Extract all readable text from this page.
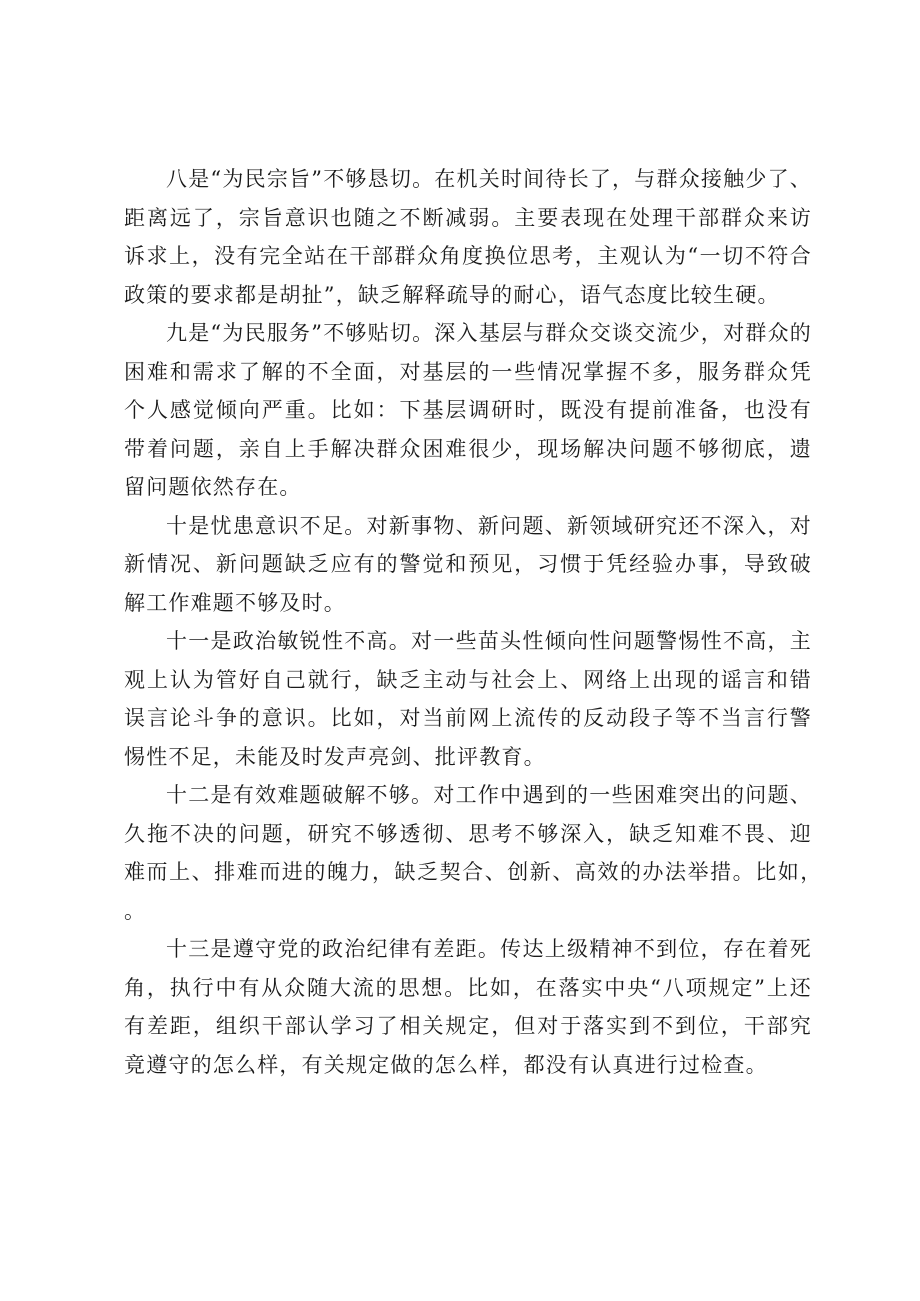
八是“为民宗旨”不够恳切。在机关时间待长了，与群众接触少了、距离远了，宗旨意识也随之不断减弱。主要表现在处理干部群众来访诉求上，没有完全站在干部群众角度换位思考，主观认为“一切不符合政策的要求都是胡扯”，缺乏解释疏导的耐心，语气态度比较生硬。

九是“为民服务”不够贴切。深入基层与群众交谈交流少，对群众的困难和需求了解的不全面，对基层的一些情况掌握不多，服务群众凭个人感觉倾向严重。比如：下基层调研时，既没有提前准备，也没有带着问题，亲自上手解决群众困难很少，现场解决问题不够彻底，遗留问题依然存在。

十是忧患意识不足。对新事物、新问题、新领域研究还不深入，对新情况、新问题缺乏应有的警觉和预见，习惯于凭经验办事，导致破解工作难题不够及时。

十一是政治敏锐性不高。对一些苗头性倾向性问题警惕性不高，主观上认为管好自己就行，缺乏主动与社会上、网络上出现的谣言和错误言论斗争的意识。比如，对当前网上流传的反动段子等不当言行警惕性不足，未能及时发声亮剑、批评教育。

十二是有效难题破解不够。对工作中遇到的一些困难突出的问题、久拖不决的问题，研究不够透彻、思考不够深入，缺乏知难不畏、迎难而上、排难而进的魄力，缺乏契合、创新、高效的办法举措。比如，　　。

十三是遵守党的政治纪律有差距。传达上级精神不到位，存在着死角，执行中有从众随大流的思想。比如，在落实中央“八项规定”上还有差距，组织干部认学习了相关规定，但对于落实到不到位，干部究竟遵守的怎么样，有关规定做的怎么样，都没有认真进行过检查。
